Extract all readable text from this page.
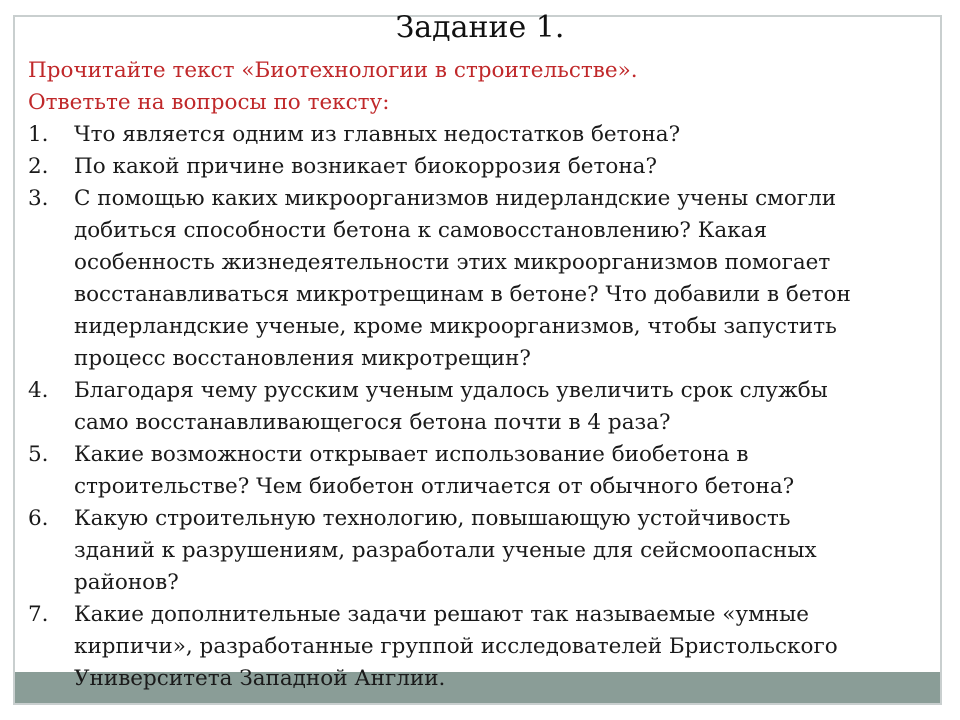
Задание 1.
Прочитайте текст «Биотехнологии в строительстве».
Ответьте на вопросы по тексту:
1. Что является одним из главных недостатков бетона?
2. По какой причине возникает биокоррозия бетона?
3. С помощью каких микроорганизмов нидерландские учены смогли
добиться способности бетона к самовосстановлению? Какая
особенность жизнедеятельности этих микроорганизмов помогает
восстанавливаться микротрещинам в бетоне? Что добавили в бетон
нидерландские ученые, кроме микроорганизмов, чтобы запустить
процесс восстановления микротрещин?
4. Благодаря чему русским ученым удалось увеличить срок службы
само восстанавливающегося бетона почти в 4 раза?
5. Какие возможности открывает использование биобетона в
строительстве? Чем биобетон отличается от обычного бетона?
6. Какую строительную технологию, повышающую устойчивость
зданий к разрушениям, разработали ученые для сейсмоопасных
районов?
7. Какие дополнительные задачи решают так называемые «умные
кирпичи», разработанные группой исследователей Бристольского
Университета Западной Англии.
